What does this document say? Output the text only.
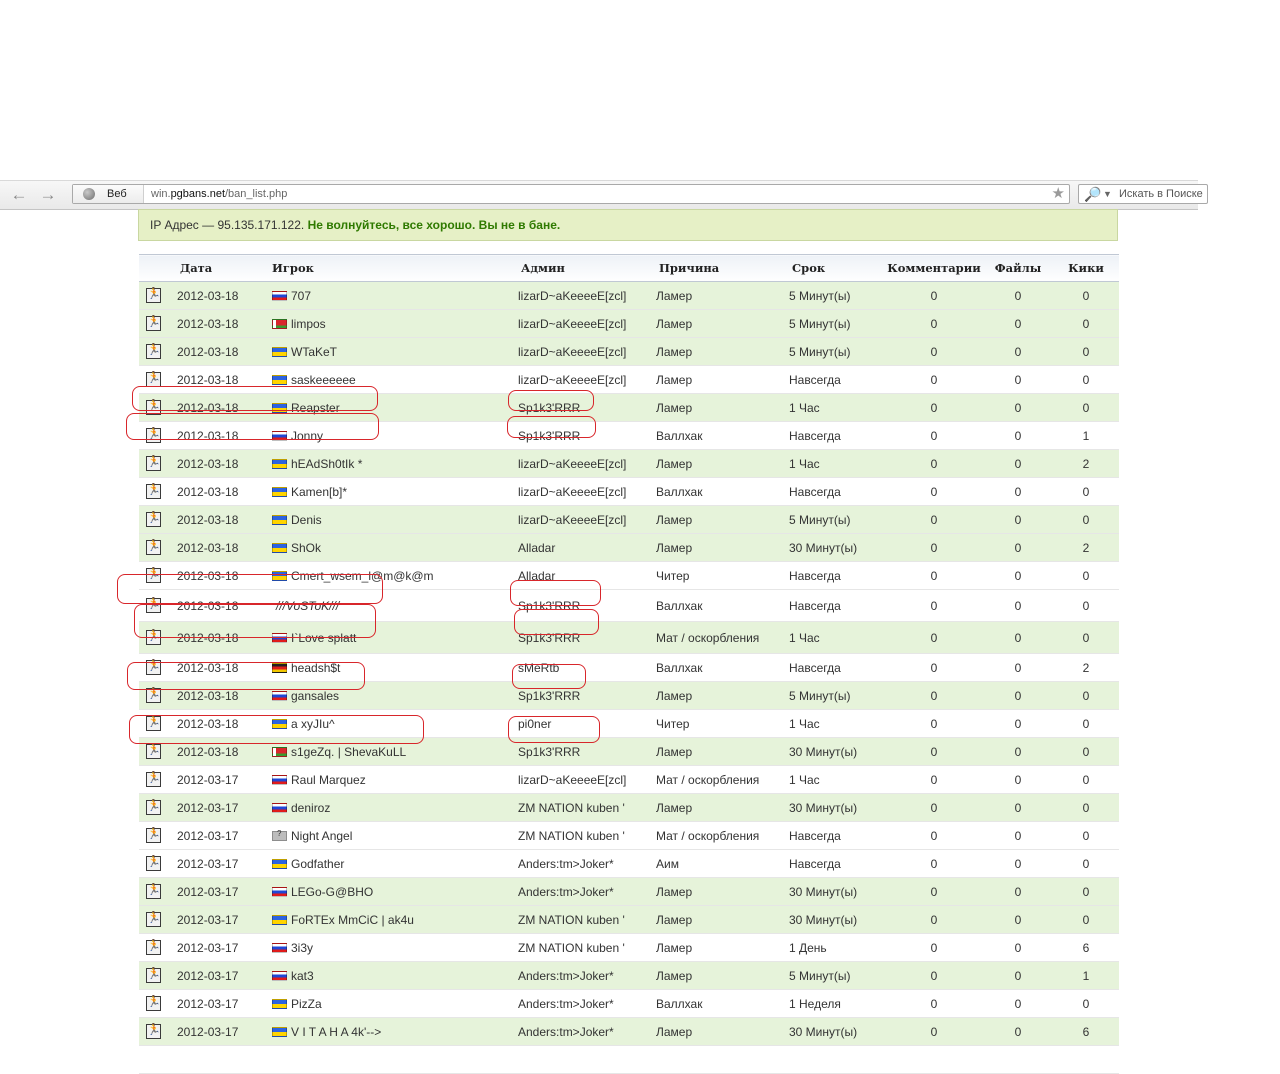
← →	Веб win.pgbans.net/ban_list.php	★ 🔎 ▼ Искать в Поиске
IP Адрес — 95.135.171.122. Не волнуйтесь, все хорошо. Вы не в бане.
	Дата	Игрок	Админ	Причина	Срок	Комментарии	Файлы	Кики
🏃	2012-03-18	707	lizarD~aKeeeeE[zcl]	Ламер	5 Минут(ы)	0	0	0
🏃	2012-03-18	limpos	lizarD~aKeeeeE[zcl]	Ламер	5 Минут(ы)	0	0	0
🏃	2012-03-18	WTaKeT	lizarD~aKeeeeE[zcl]	Ламер	5 Минут(ы)	0	0	0
🏃	2012-03-18	saskeeeeee	lizarD~aKeeeeE[zcl]	Ламер	Навсегда	0	0	0
🏃	2012-03-18	Reapster	Sp1k3'RRR	Ламер	1 Час	0	0	0
🏃	2012-03-18	Jonny	Sp1k3'RRR	Валлхак	Навсегда	0	0	1
🏃	2012-03-18	hEAdSh0tIk *	lizarD~aKeeeeE[zcl]	Ламер	1 Час	0	0	2
🏃	2012-03-18	Kamen[b]*	lizarD~aKeeeeE[zcl]	Валлхак	Навсегда	0	0	0
🏃	2012-03-18	Denis	lizarD~aKeeeeE[zcl]	Ламер	5 Минут(ы)	0	0	0
🏃	2012-03-18	ShOk	Alladar	Ламер	30 Минут(ы)	0	0	2
🏃	2012-03-18	Cmert_wsem_l@m@k@m	Alladar	Читер	Навсегда	0	0	0
🏃	2012-03-18	///VoSToK///	Sp1k3'RRR	Валлхак	Навсегда	0	0	0
🏃	2012-03-18	I`Love splatt	Sp1k3'RRR	Мат / оскорбления	1 Час	0	0	0
🏃	2012-03-18	headsh$t	sMeRtb	Валлхак	Навсегда	0	0	2
🏃	2012-03-18	gansales	Sp1k3'RRR	Ламер	5 Минут(ы)	0	0	0
🏃	2012-03-18	a xyJIu^	pi0ner	Читер	1 Час	0	0	0
🏃	2012-03-18	s1geZq. | ShevaKuLL	Sp1k3'RRR	Ламер	30 Минут(ы)	0	0	0
🏃	2012-03-17	Raul Marquez	lizarD~aKeeeeE[zcl]	Мат / оскорбления	1 Час	0	0	0
🏃	2012-03-17	deniroz	ZM NATION kuben '	Ламер	30 Минут(ы)	0	0	0
🏃	2012-03-17	?Night Angel	ZM NATION kuben '	Мат / оскорбления	Навсегда	0	0	0
🏃	2012-03-17	Godfather	Anders:tm>Joker*	Аим	Навсегда	0	0	0
🏃	2012-03-17	LEGo-G@BHO	Anders:tm>Joker*	Ламер	30 Минут(ы)	0	0	0
🏃	2012-03-17	FoRTEx MmCiC | ak4u	ZM NATION kuben '	Ламер	30 Минут(ы)	0	0	0
🏃	2012-03-17	3i3y	ZM NATION kuben '	Ламер	1 День	0	0	6
🏃	2012-03-17	kat3	Anders:tm>Joker*	Ламер	5 Минут(ы)	0	0	1
🏃	2012-03-17	PizZa	Anders:tm>Joker*	Валлхак	1 Неделя	0	0	0
🏃	2012-03-17	V I T A H A 4k'-->	Anders:tm>Joker*	Ламер	30 Минут(ы)	0	0	6
